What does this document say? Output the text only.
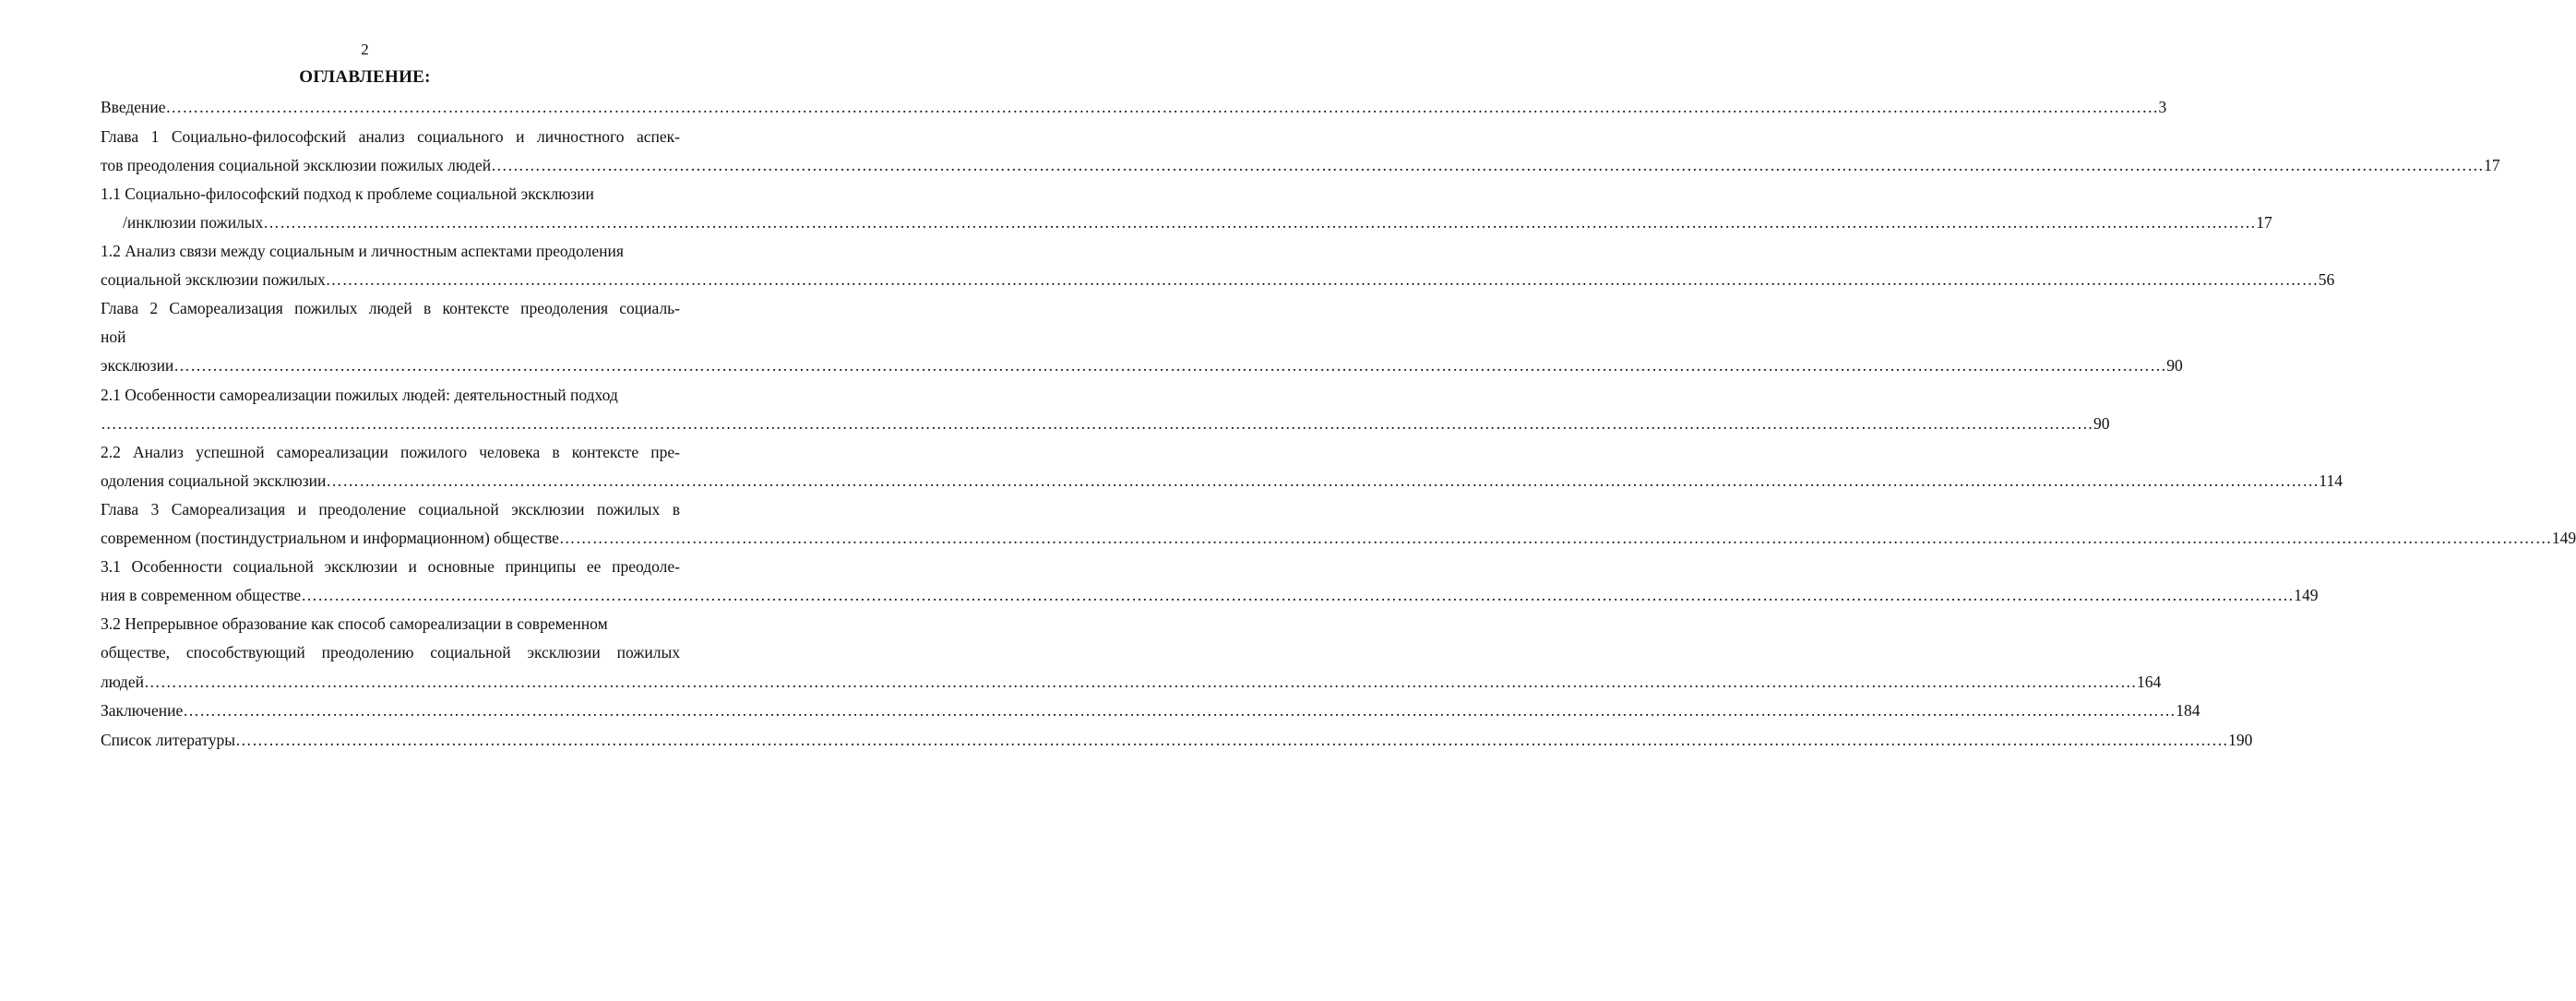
2
ОГЛАВЛЕНИЕ:
Введение ……………………………………………………………………………………………………………………………………………………………………………………………………………………………………………………………………………………………………………………………… 3
Глава 1 Социально-философский анализ социального и личностного аспек-
тов преодоления социальной эксклюзии пожилых людей ……………………………………………………………………………………………………………………………………………………………………………………………………………………………………………………………………………………………………………………………… 17
1.1 Социально-философский подход к проблеме социальной эксклюзии
/инклюзии пожилых ……………………………………………………………………………………………………………………………………………………………………………………………………………………………………………………………………………………………………………………………… 17
1.2 Анализ связи между социальным и личностным аспектами преодоления
социальной эксклюзии пожилых ……………………………………………………………………………………………………………………………………………………………………………………………………………………………………………………………………………………………………………………………… 56
Глава 2 Самореализация пожилых людей в контексте преодоления социаль-
ной
эксклюзии ……………………………………………………………………………………………………………………………………………………………………………………………………………………………………………………………………………………………………………………………… 90
2.1 Особенности самореализации пожилых людей: деятельностный подход
……………………………………………………………………………………………………………………………………………………………………………………………………………………………………………………………………………………………………………………………… 90
2.2 Анализ успешной самореализации пожилого человека в контексте пре-
одоления социальной эксклюзии ……………………………………………………………………………………………………………………………………………………………………………………………………………………………………………………………………………………………………………………………… 114
Глава 3 Самореализация и преодоление социальной эксклюзии пожилых в
современном (постиндустриальном и информационном) обществе ……………………………………………………………………………………………………………………………………………………………………………………………………………………………………………………………………………………………………………………………… 149
3.1 Особенности социальной эксклюзии и основные принципы ее преодоле-
ния в современном обществе ……………………………………………………………………………………………………………………………………………………………………………………………………………………………………………………………………………………………………………………………… 149
3.2 Непрерывное образование как способ самореализации в современном
обществе, способствующий преодолению социальной эксклюзии пожилых
людей ……………………………………………………………………………………………………………………………………………………………………………………………………………………………………………………………………………………………………………………………… 164
Заключение ……………………………………………………………………………………………………………………………………………………………………………………………………………………………………………………………………………………………………………………………… 184
Список литературы ……………………………………………………………………………………………………………………………………………………………………………………………………………………………………………………………………………………………………………………………… 190
